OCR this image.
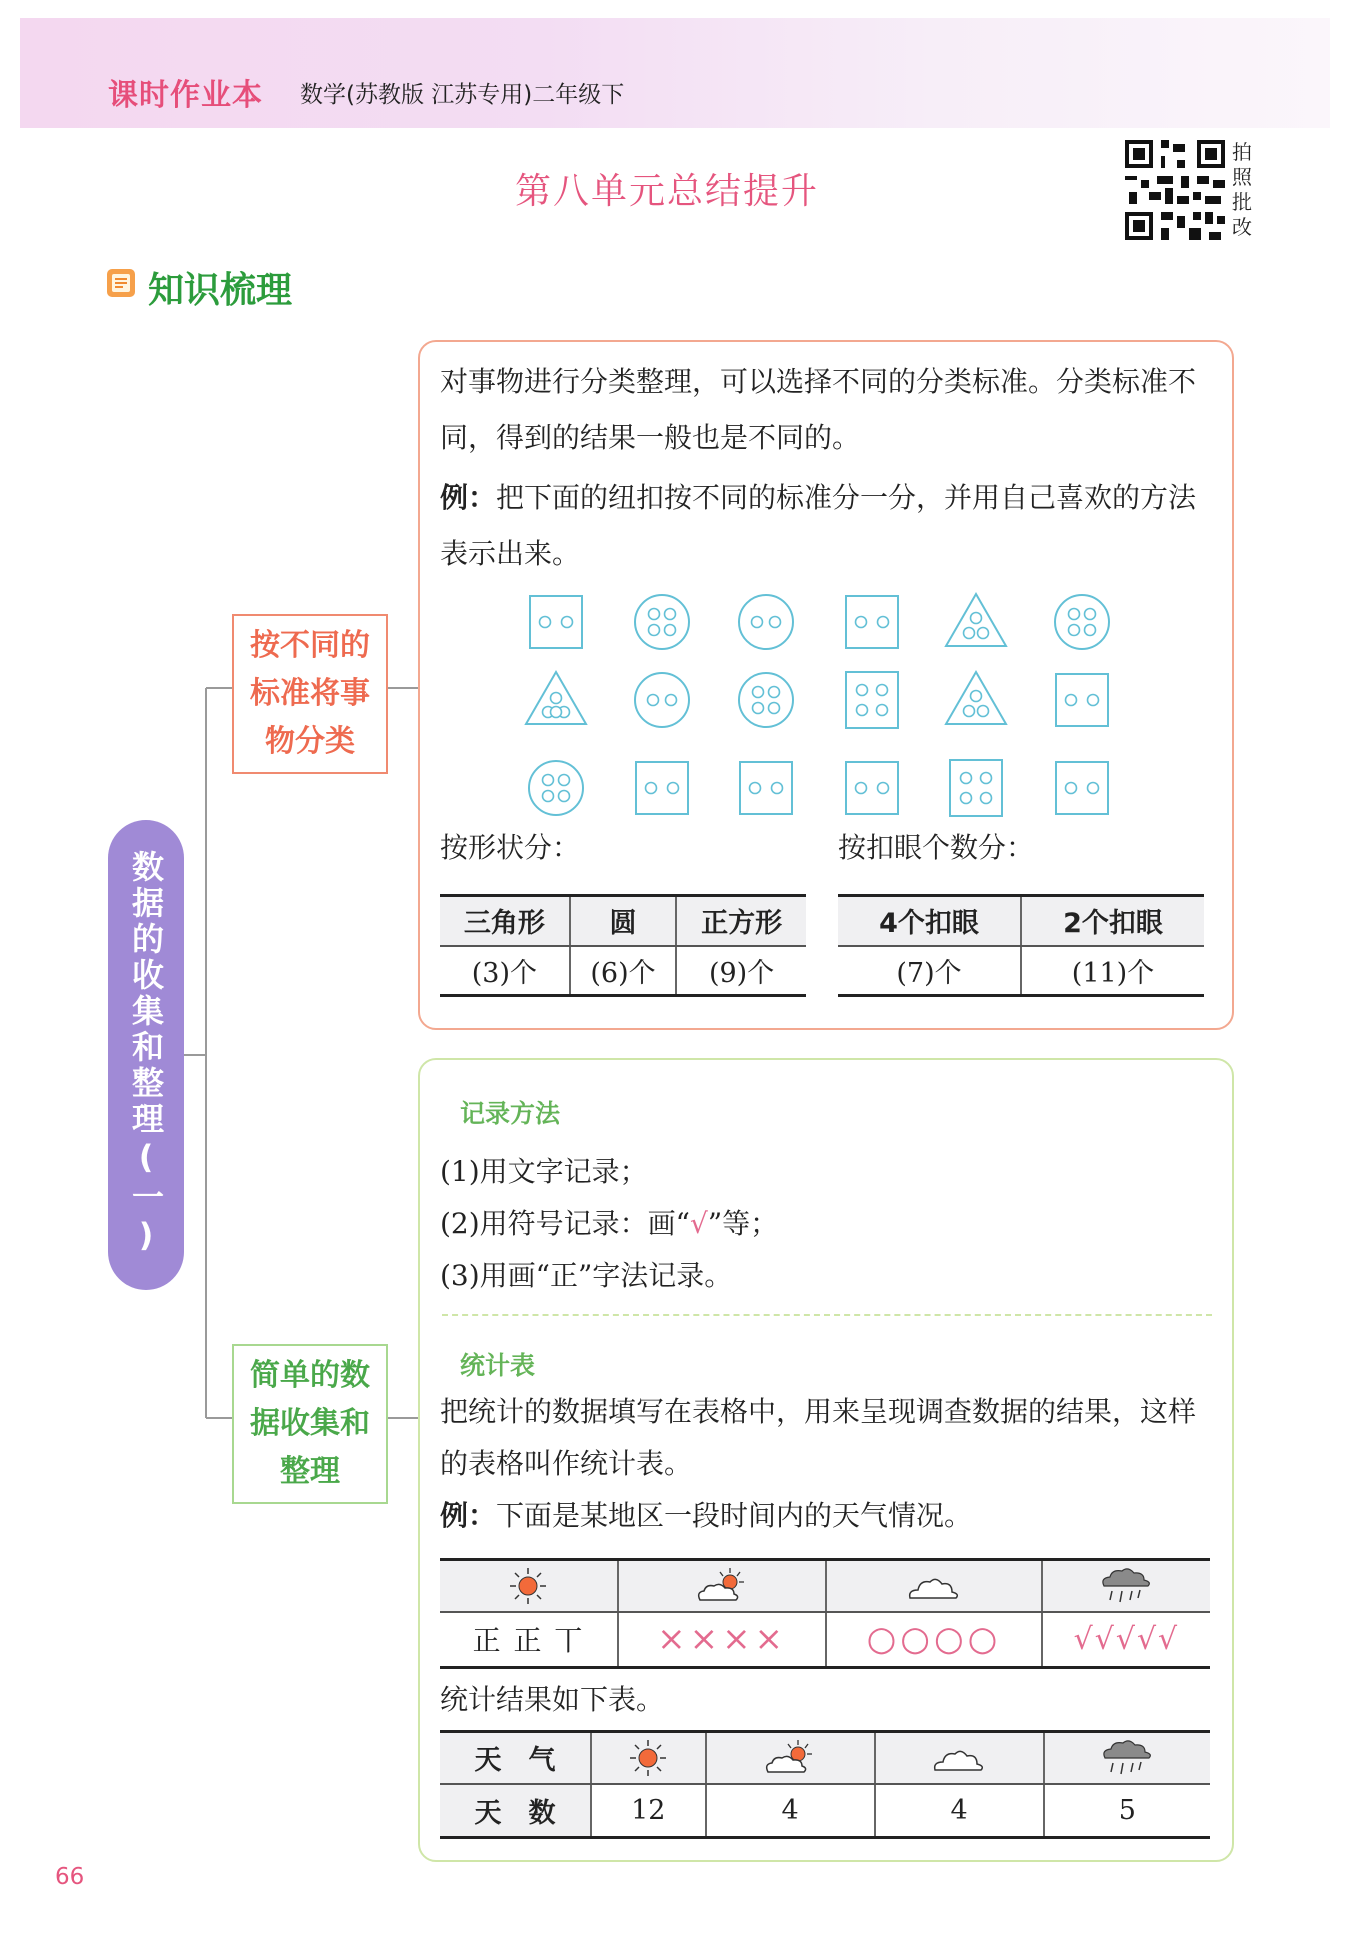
课时作业本 数学(苏教版 江苏专用)二年级下
第八单元总结提升
拍照批改
知识梳理
数据的收集和整理(一)
按不同的标准将事物分类
简单的数据收集和整理
对事物进行分类整理，可以选择不同的分类标准。分类标准不同，得到的结果一般也是不同的。
例：把下面的纽扣按不同的标准分一分，并用自己喜欢的方法表示出来。
按形状分：	按扣眼个数分：
三角形	圆	正方形
(3)个	(6)个	(9)个
4个扣眼	2个扣眼
(7)个	(11)个
记录方法
(1)用文字记录；
(2)用符号记录：画“√”等；
(3)用画“正”字法记录。
统计表
把统计的数据填写在表格中，用来呈现调查数据的结果，这样的表格叫作统计表。
例：下面是某地区一段时间内的天气情况。

正 正 丅	××××	○○○○	√√√√√
统计结果如下表。
天　气				
天　数	12	4	4	5
66
